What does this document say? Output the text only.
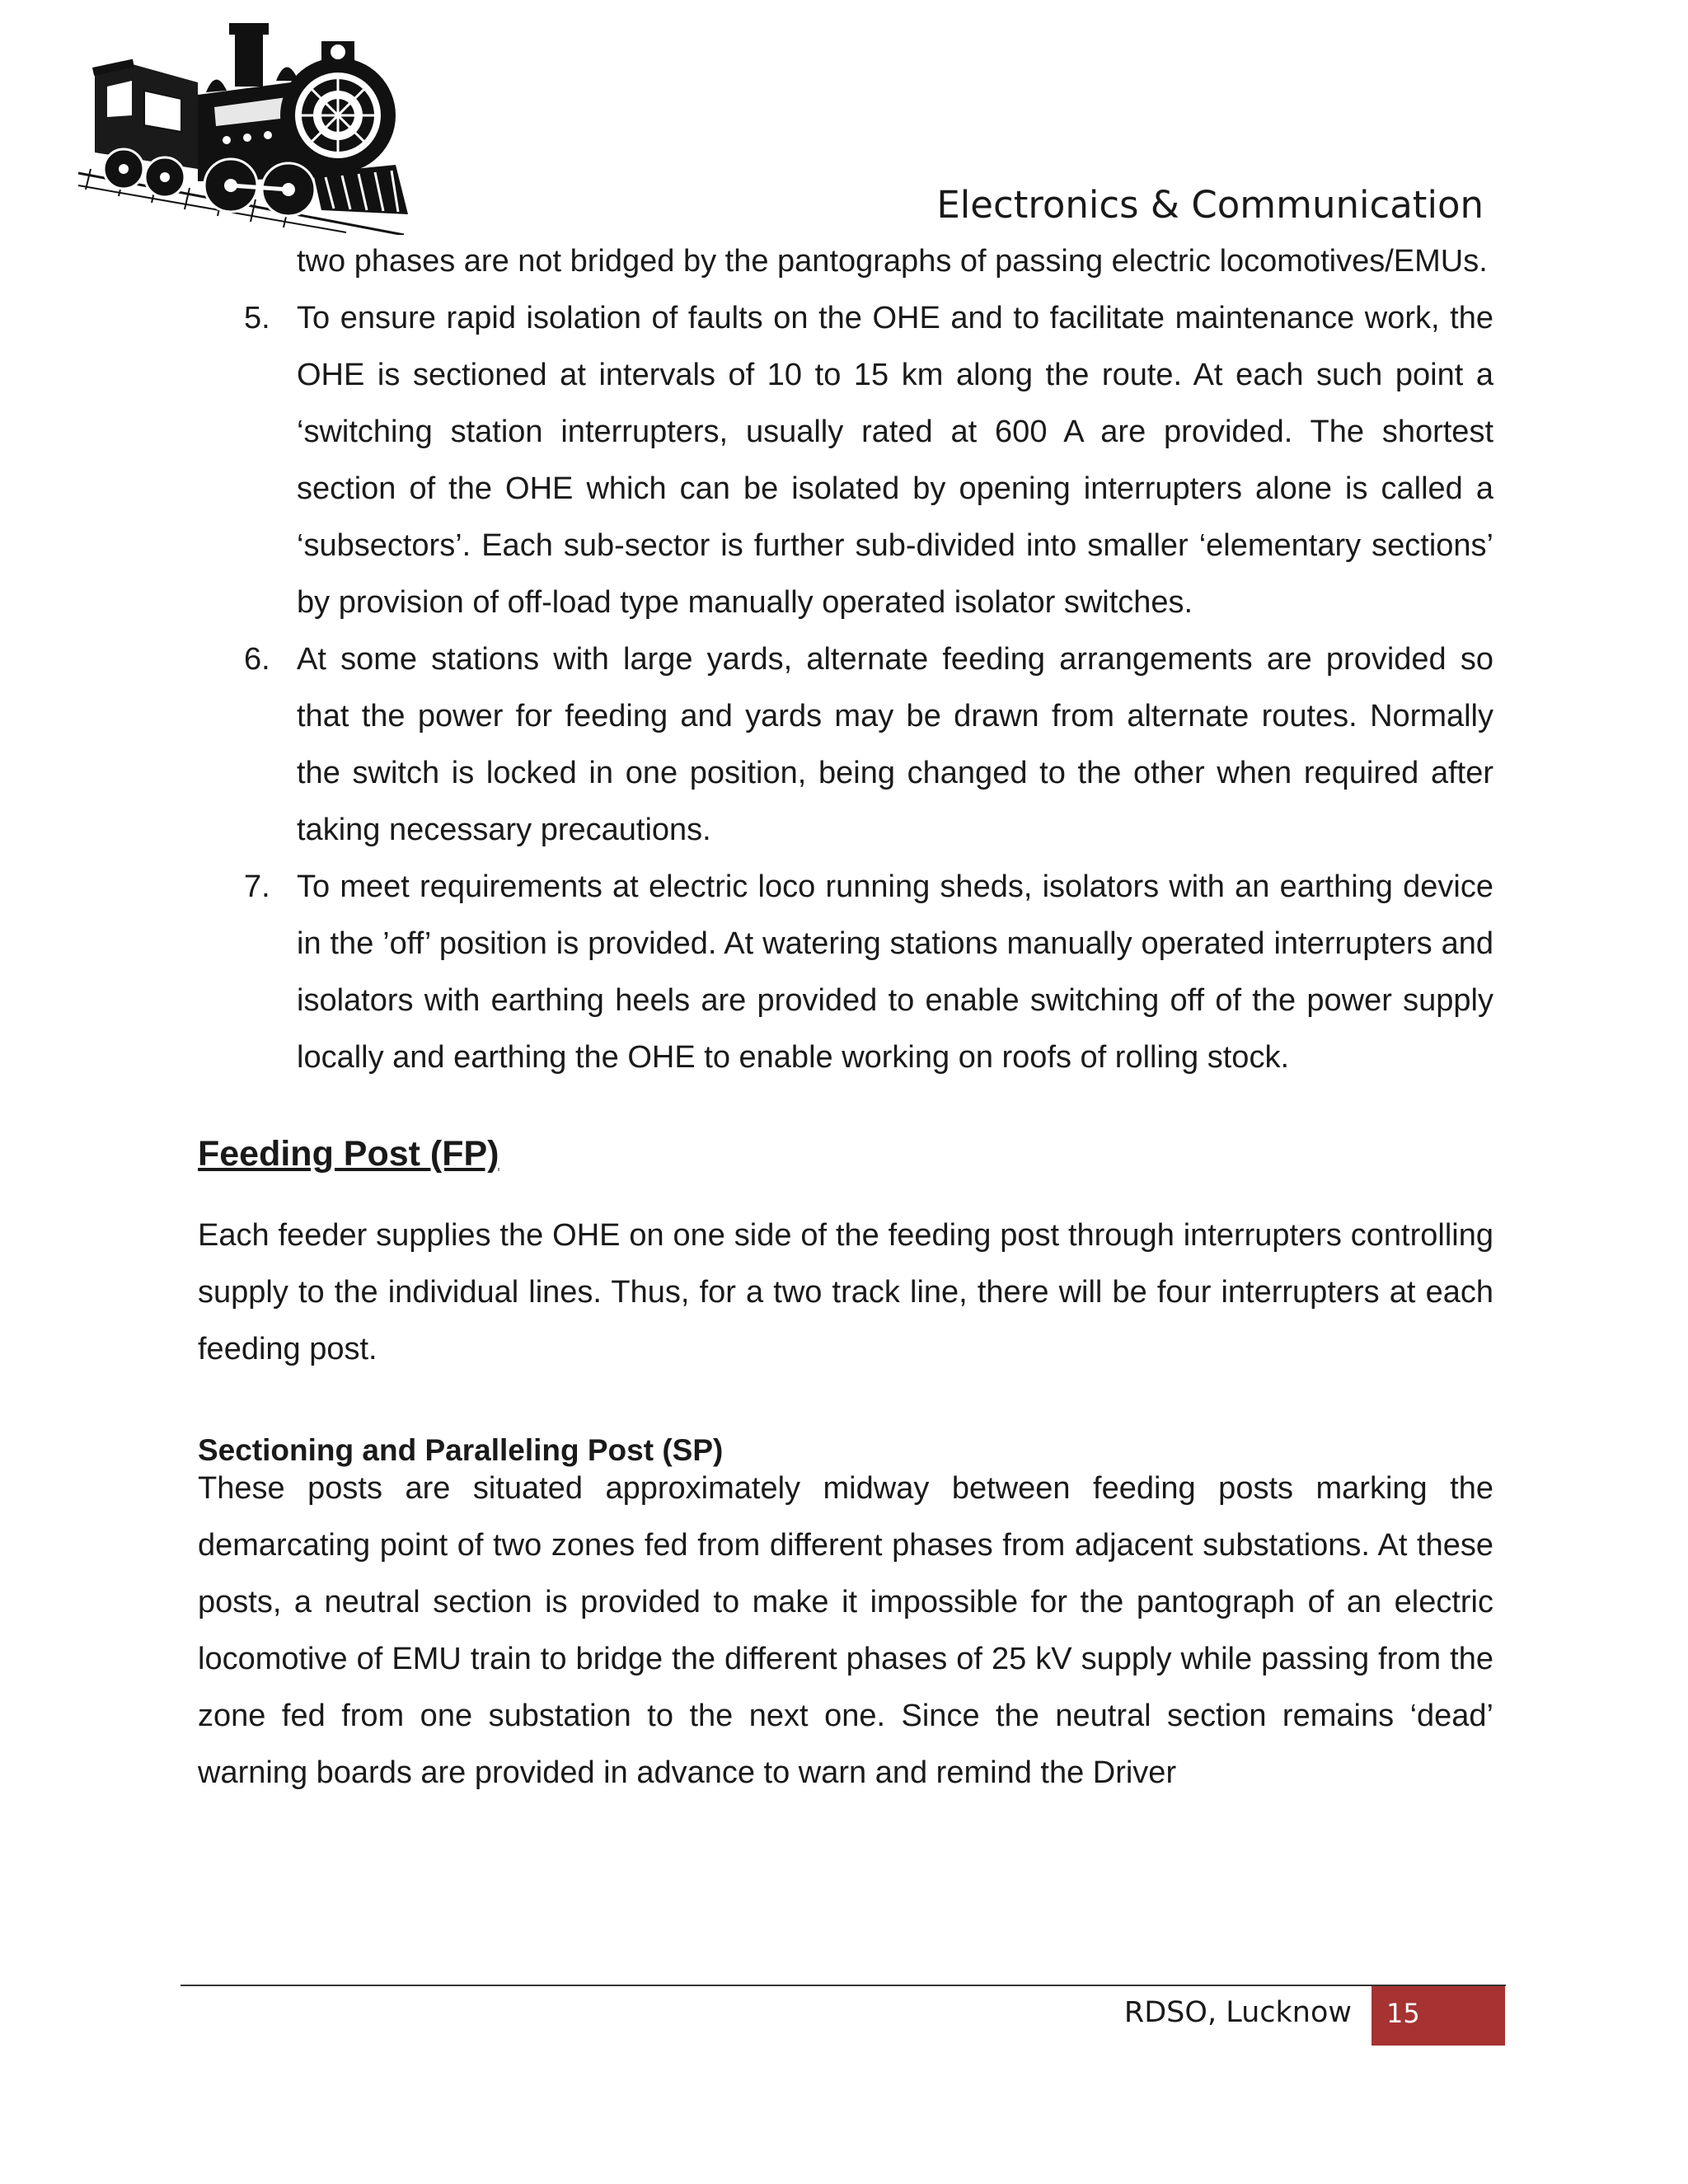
Electronics & Communication

two phases are not bridged by the pantographs of passing electric locomotives/EMUs.

5. To ensure rapid isolation of faults on the OHE and to facilitate maintenance work, the OHE is sectioned at intervals of 10 to 15 km along the route. At each such point a ‘switching station interrupters, usually rated at 600 A are provided. The shortest section of the OHE which can be isolated by opening interrupters alone is called a ‘subsectors’. Each sub-sector is further sub-divided into smaller ‘elementary sections’ by provision of off-load type manually operated isolator switches.

6. At some stations with large yards, alternate feeding arrangements are provided so that the power for feeding and yards may be drawn from alternate routes. Normally the switch is locked in one position, being changed to the other when required after taking necessary precautions.

7. To meet requirements at electric loco running sheds, isolators with an earthing device in the ’off’ position is provided. At watering stations manually operated interrupters and isolators with earthing heels are provided to enable switching off of the power supply locally and earthing the OHE to enable working on roofs of rolling stock.

Feeding Post (FP)

Each feeder supplies the OHE on one side of the feeding post through interrupters controlling supply to the individual lines. Thus, for a two track line, there will be four interrupters at each feeding post.

Sectioning and Paralleling Post (SP)

These posts are situated approximately midway between feeding posts marking the demarcating point of two zones fed from different phases from adjacent substations. At these posts, a neutral section is provided to make it impossible for the pantograph of an electric locomotive of EMU train to bridge the different phases of 25 kV supply while passing from the zone fed from one substation to the next one. Since the neutral section remains ‘dead’ warning boards are provided in advance to warn and remind the Driver

RDSO, Lucknow 15
